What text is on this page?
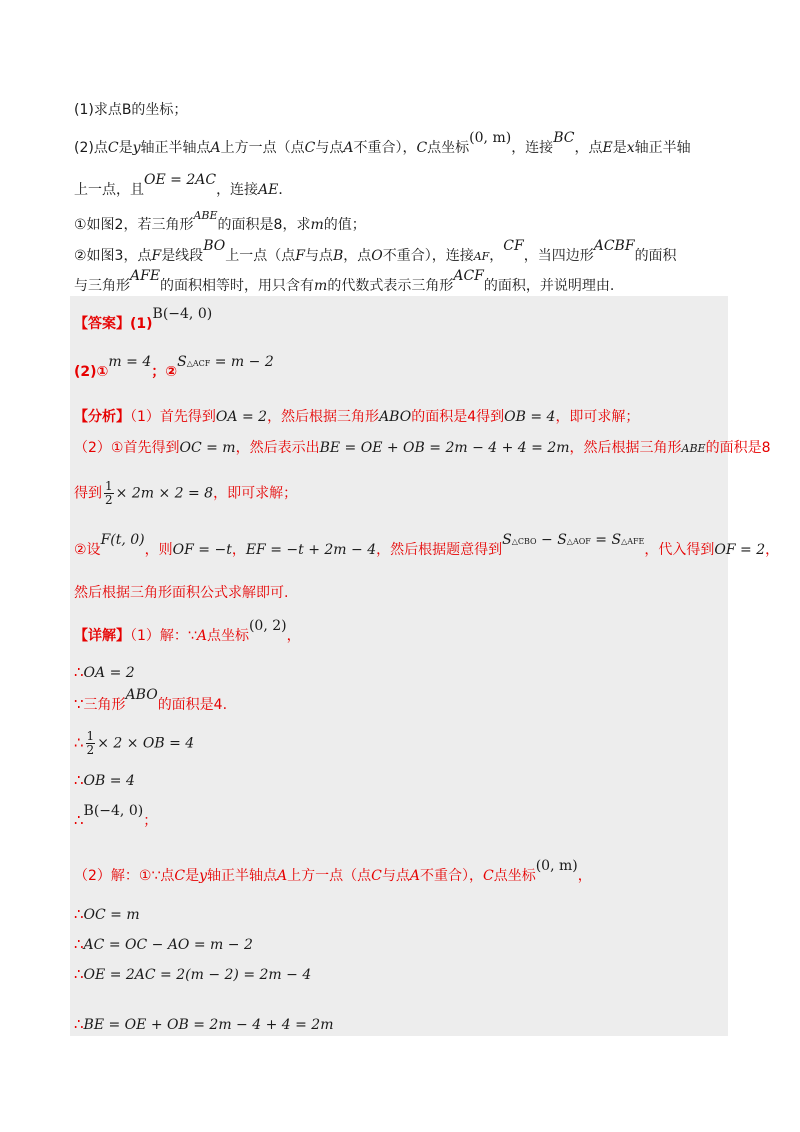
(1)求点B的坐标；
(2)点C是y轴正半轴点A上方一点（点C与点A不重合），C点坐标(0, m)，连接BC，点E是x轴正半轴
上一点，且OE = 2AC，连接AE．
①如图2，若三角形$^{ABE}$的面积是8，求m的值；
②如图3，点F是线段BO上一点（点F与点B，点O不重合），连接AF，CF，当四边形ACBF的面积
与三角形AFE的面积相等时，用只含有m的代数式表示三角形ACF的面积，并说明理由.
【答案】(1)B(−4, 0)
(2)①m = 4；②S△ACF = m − 2
【分析】（1）首先得到OA = 2，然后根据三角形ABO的面积是4得到OB = 4，即可求解；
（2）①首先得到OC = m，然后表示出BE = OE + OB = 2m − 4 + 4 = 2m，然后根据三角形ABE的面积是8
得到 $\frac{1}{2} \times 2m \times 2 = 8$，即可求解；
②设F(t, 0)，则OF = −t，EF = −t + 2m − 4，然后根据题意得到S△CBO − S△AOF = S△AFE，代入得到OF = 2，
然后根据三角形面积公式求解即可.
【详解】（1）解：∵A点坐标(0, 2)，
∴OA = 2
∵三角形ABO的面积是4.
∴ $\frac{1}{2} \times 2$ × OB = 4
∴OB = 4
∴B(−4, 0)；
（2）解：①∵点C是y轴正半轴点A上方一点（点C与点A不重合），C点坐标(0, m)，
∴OC = m
∴AC = OC − AO = m − 2
∴OE = 2AC = 2(m − 2) = 2m − 4
∴BE = OE + OB = 2m − 4 + 4 = 2m
